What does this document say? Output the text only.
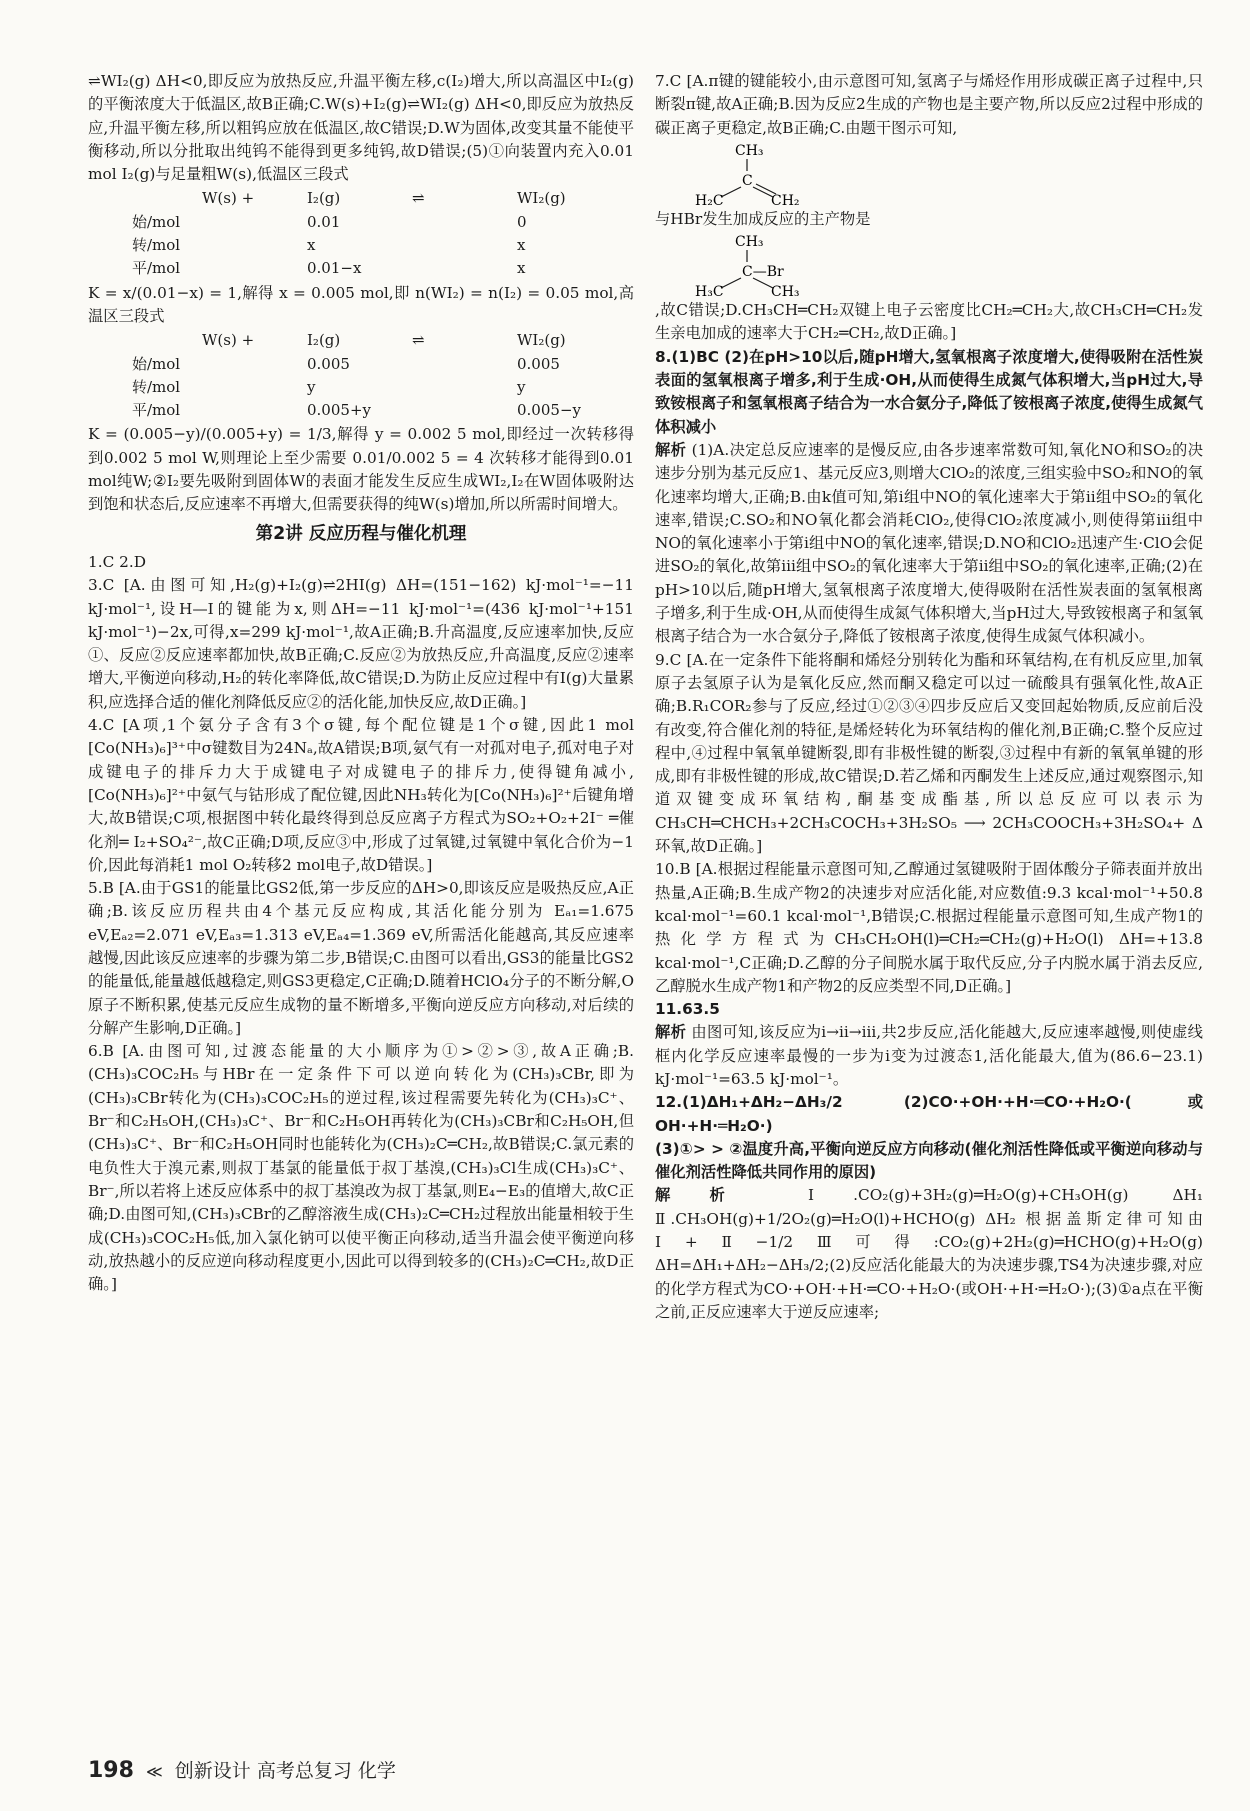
⇌WI₂(g) ΔH<0,即反应为放热反应,升温平衡左移,c(I₂)增大,所以高温区中I₂(g)的平衡浓度大于低温区,故B正确;C.W(s)+I₂(g)⇌WI₂(g) ΔH<0,即反应为放热反应,升温平衡左移,所以粗钨应放在低温区,故C错误;D.W为固体,改变其量不能使平衡移动,所以分批取出纯钨不能得到更多纯钨,故D错误;(5)①向装置内充入0.01 mol I₂(g)与足量粗W(s),低温区三段式

	W(s) +	I₂(g)	⇌	WI₂(g)
始/mol		0.01		0
转/mol		x		x
平/mol		0.01−x		x

K = x/(0.01−x) = 1,解得 x = 0.005 mol,即 n(WI₂) = n(I₂) = 0.05 mol,高温区三段式

	W(s) +	I₂(g)	⇌	WI₂(g)
始/mol		0.005		0.005
转/mol		y		y
平/mol		0.005+y		0.005−y

K = (0.005−y)/(0.005+y) = 1/3,解得 y = 0.002 5 mol,即经过一次转移得到0.002 5 mol W,则理论上至少需要 0.01/0.002 5 = 4 次转移才能得到0.01 mol纯W;②I₂要先吸附到固体W的表面才能发生反应生成WI₂,I₂在W固体吸附达到饱和状态后,反应速率不再增大,但需要获得的纯W(s)增加,所以所需时间增大。

第2讲 反应历程与催化机理

1.C 2.D

3.C [A.由图可知,H₂(g)+I₂(g)⇌2HI(g) ΔH=(151−162) kJ·mol⁻¹=−11 kJ·mol⁻¹,设H—I的键能为x,则ΔH=−11 kJ·mol⁻¹=(436 kJ·mol⁻¹+151 kJ·mol⁻¹)−2x,可得,x=299 kJ·mol⁻¹,故A正确;B.升高温度,反应速率加快,反应①、反应②反应速率都加快,故B正确;C.反应②为放热反应,升高温度,反应②速率增大,平衡逆向移动,H₂的转化率降低,故C错误;D.为防止反应过程中有I(g)大量累积,应选择合适的催化剂降低反应②的活化能,加快反应,故D正确。]

4.C [A项,1个氨分子含有3个σ键,每个配位键是1个σ键,因此1 mol [Co(NH₃)₆]³⁺中σ键数目为24Nₐ,故A错误;B项,氨气有一对孤对电子,孤对电子对成键电子的排斥力大于成键电子对成键电子的排斥力,使得键角减小,[Co(NH₃)₆]²⁺中氨气与钴形成了配位键,因此NH₃转化为[Co(NH₃)₆]²⁺后键角增大,故B错误;C项,根据图中转化最终得到总反应离子方程式为SO₂+O₂+2I⁻ ═催化剂═ I₂+SO₄²⁻,故C正确;D项,反应③中,形成了过氧键,过氧键中氧化合价为−1价,因此每消耗1 mol O₂转移2 mol电子,故D错误。]

5.B [A.由于GS1的能量比GS2低,第一步反应的ΔH>0,即该反应是吸热反应,A正确;B.该反应历程共由4个基元反应构成,其活化能分别为 Eₐ₁=1.675 eV,Eₐ₂=2.071 eV,Eₐ₃=1.313 eV,Eₐ₄=1.369 eV,所需活化能越高,其反应速率越慢,因此该反应速率的步骤为第二步,B错误;C.由图可以看出,GS3的能量比GS2的能量低,能量越低越稳定,则GS3更稳定,C正确;D.随着HClO₄分子的不断分解,O原子不断积累,使基元反应生成物的量不断增多,平衡向逆反应方向移动,对后续的分解产生影响,D正确。]

6.B [A.由图可知,过渡态能量的大小顺序为①>②>③,故A正确;B.(CH₃)₃COC₂H₅与HBr在一定条件下可以逆向转化为(CH₃)₃CBr,即为(CH₃)₃CBr转化为(CH₃)₃COC₂H₅的逆过程,该过程需要先转化为(CH₃)₃C⁺、Br⁻和C₂H₅OH,(CH₃)₃C⁺、Br⁻和C₂H₅OH再转化为(CH₃)₃CBr和C₂H₅OH,但(CH₃)₃C⁺、Br⁻和C₂H₅OH同时也能转化为(CH₃)₂C═CH₂,故B错误;C.氯元素的电负性大于溴元素,则叔丁基氯的能量低于叔丁基溴,(CH₃)₃Cl生成(CH₃)₃C⁺、Br⁻,所以若将上述反应体系中的叔丁基溴改为叔丁基氯,则E₄−E₃的值增大,故C正确;D.由图可知,(CH₃)₃CBr的乙醇溶液生成(CH₃)₂C═CH₂过程放出能量相较于生成(CH₃)₃COC₂H₅低,加入氯化钠可以使平衡正向移动,适当升温会使平衡逆向移动,放热越小的反应逆向移动程度更小,因此可以得到较多的(CH₃)₂C═CH₂,故D正确。]

7.C [A.π键的键能较小,由示意图可知,氢离子与烯烃作用形成碳正离子过程中,只断裂π键,故A正确;B.因为反应2生成的产物也是主要产物,所以反应2过程中形成的碳正离子更稳定,故B正确;C.由题干图示可知,

CH₃
C
H₂C	CH₂

与HBr发生加成反应的主产物是

CH₃
C—Br
H₃C	CH₃

,故C错误;D.CH₃CH═CH₂双键上电子云密度比CH₂═CH₂大,故CH₃CH═CH₂发生亲电加成的速率大于CH₂═CH₂,故D正确。]

8.(1)BC (2)在pH>10以后,随pH增大,氢氧根离子浓度增大,使得吸附在活性炭表面的氢氧根离子增多,利于生成·OH,从而使得生成氮气体积增大,当pH过大,导致铵根离子和氢氧根离子结合为一水合氨分子,降低了铵根离子浓度,使得生成氮气体积减小

解析 (1)A.决定总反应速率的是慢反应,由各步速率常数可知,氧化NO和SO₂的决速步分别为基元反应1、基元反应3,则增大ClO₂的浓度,三组实验中SO₂和NO的氧化速率均增大,正确;B.由k值可知,第i组中NO的氧化速率大于第ii组中SO₂的氧化速率,错误;C.SO₂和NO氧化都会消耗ClO₂,使得ClO₂浓度减小,则使得第iii组中NO的氧化速率小于第i组中NO的氧化速率,错误;D.NO和ClO₂迅速产生·ClO会促进SO₂的氧化,故第iii组中SO₂的氧化速率大于第ii组中SO₂的氧化速率,正确;(2)在pH>10以后,随pH增大,氢氧根离子浓度增大,使得吸附在活性炭表面的氢氧根离子增多,利于生成·OH,从而使得生成氮气体积增大,当pH过大,导致铵根离子和氢氧根离子结合为一水合氨分子,降低了铵根离子浓度,使得生成氮气体积减小。

9.C [A.在一定条件下能将酮和烯烃分别转化为酯和环氧结构,在有机反应里,加氧原子去氢原子认为是氧化反应,然而酮又稳定可以过一硫酸具有强氧化性,故A正确;B.R₁COR₂参与了反应,经过①②③④四步反应后又变回起始物质,反应前后没有改变,符合催化剂的特征,是烯烃转化为环氧结构的催化剂,B正确;C.整个反应过程中,④过程中氧氧单键断裂,即有非极性键的断裂,③过程中有新的氧氧单键的形成,即有非极性键的形成,故C错误;D.若乙烯和丙酮发生上述反应,通过观察图示,知道双键变成环氧结构,酮基变成酯基,所以总反应可以表示为CH₃CH═CHCH₃+2CH₃COCH₃+3H₂SO₅ ⟶ 2CH₃COOCH₃+3H₂SO₄+ Δ环氧,故D正确。]

10.B [A.根据过程能量示意图可知,乙醇通过氢键吸附于固体酸分子筛表面并放出热量,A正确;B.生成产物2的决速步对应活化能,对应数值:9.3 kcal·mol⁻¹+50.8 kcal·mol⁻¹=60.1 kcal·mol⁻¹,B错误;C.根据过程能量示意图可知,生成产物1的热化学方程式为CH₃CH₂OH(l)═CH₂═CH₂(g)+H₂O(l) ΔH=+13.8 kcal·mol⁻¹,C正确;D.乙醇的分子间脱水属于取代反应,分子内脱水属于消去反应,乙醇脱水生成产物1和产物2的反应类型不同,D正确。]

11.63.5

解析 由图可知,该反应为i→ii→iii,共2步反应,活化能越大,反应速率越慢,则使虚线框内化学反应速率最慢的一步为i变为过渡态1,活化能最大,值为(86.6−23.1) kJ·mol⁻¹=63.5 kJ·mol⁻¹。

12.(1)ΔH₁+ΔH₂−ΔH₃/2 (2)CO·+OH·+H·═CO·+H₂O·(或OH·+H·═H₂O·)

(3)①> > ②温度升高,平衡向逆反应方向移动(催化剂活性降低或平衡逆向移动与催化剂活性降低共同作用的原因)

解析	Ⅰ.CO₂(g)+3H₂(g)═H₂O(g)+CH₃OH(g) ΔH₁ Ⅱ.CH₃OH(g)+1/2O₂(g)═H₂O(l)+HCHO(g) ΔH₂ 根据盖斯定律可知由Ⅰ+Ⅱ−1/2Ⅲ可得:CO₂(g)+2H₂(g)═HCHO(g)+H₂O(g) ΔH=ΔH₁+ΔH₂−ΔH₃/2;(2)反应活化能最大的为决速步骤,TS4为决速步骤,对应的化学方程式为CO·+OH·+H·═CO·+H₂O·(或OH·+H·═H₂O·);(3)①a点在平衡之前,正反应速率大于逆反应速率;

198 ≪ 创新设计 高考总复习 化学
